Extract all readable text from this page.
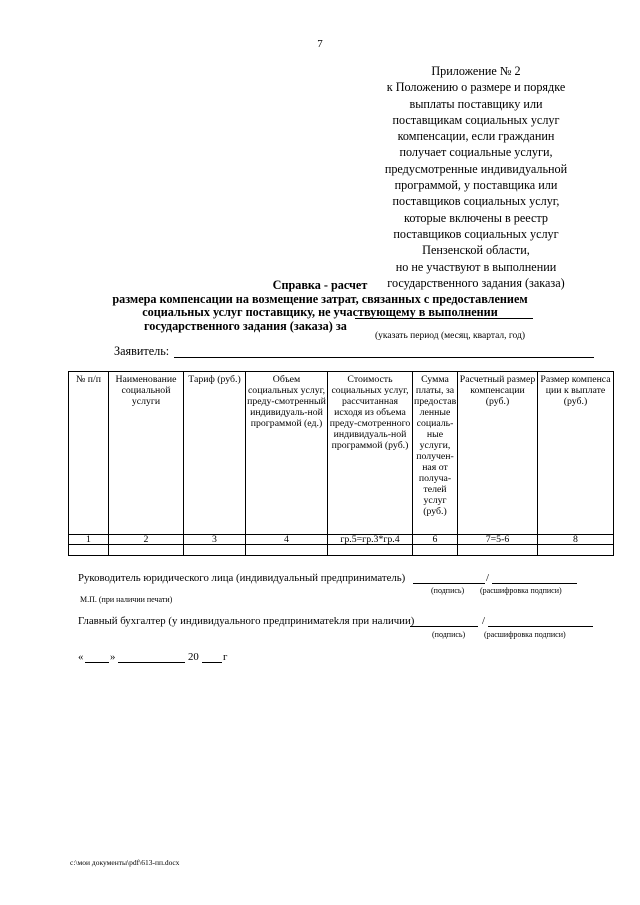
7
Приложение № 2
к Положению о размере и порядке
выплаты поставщику или
поставщикам социальных услуг
компенсации, если гражданин
получает социальные услуги,
предусмотренные индивидуальной
программой, у поставщика или
поставщиков социальных услуг,
которые включены в реестр
поставщиков социальных услуг
Пензенской области,
но не участвуют в выполнении
государственного задания (заказа)
Справка - расчет
размера компенсации на возмещение затрат, связанных с предоставлением
социальных услуг поставщику, не участвующему в выполнении
государственного задания (заказа) за
(указать период (месяц, квартал, год)
Заявитель:
№ п/п	Наименование социальной услуги	Тариф (руб.)	Объем социальных услуг, преду-смотренный индивидуаль-ной программой (ед.)	Стоимость социальных услуг, рассчитанная исходя из объема преду-смотренного индивидуаль-ной программой (руб.)	Сумма платы, за предостав ленные социаль-ные услуги, получен-ная от получа-телей услуг (руб.)	Расчетный размер компенсации (руб.)	Размер компенса ции к выплате (руб.)
1	2	3	4	гр.5=гр.3*гр.4	6	7=5-6	8

Руководитель юридического лица (индивидуальный предприниматель)	/
(подпись) (расшифровка подписи)
М.П. (при наличии печати)
Главный бухгалтер (у индивидуального предприниматеkля при наличии)	/
(подпись) (расшифровка подписи)
« »	20 г
c:\мои документы\pdf\613-пп.docx
